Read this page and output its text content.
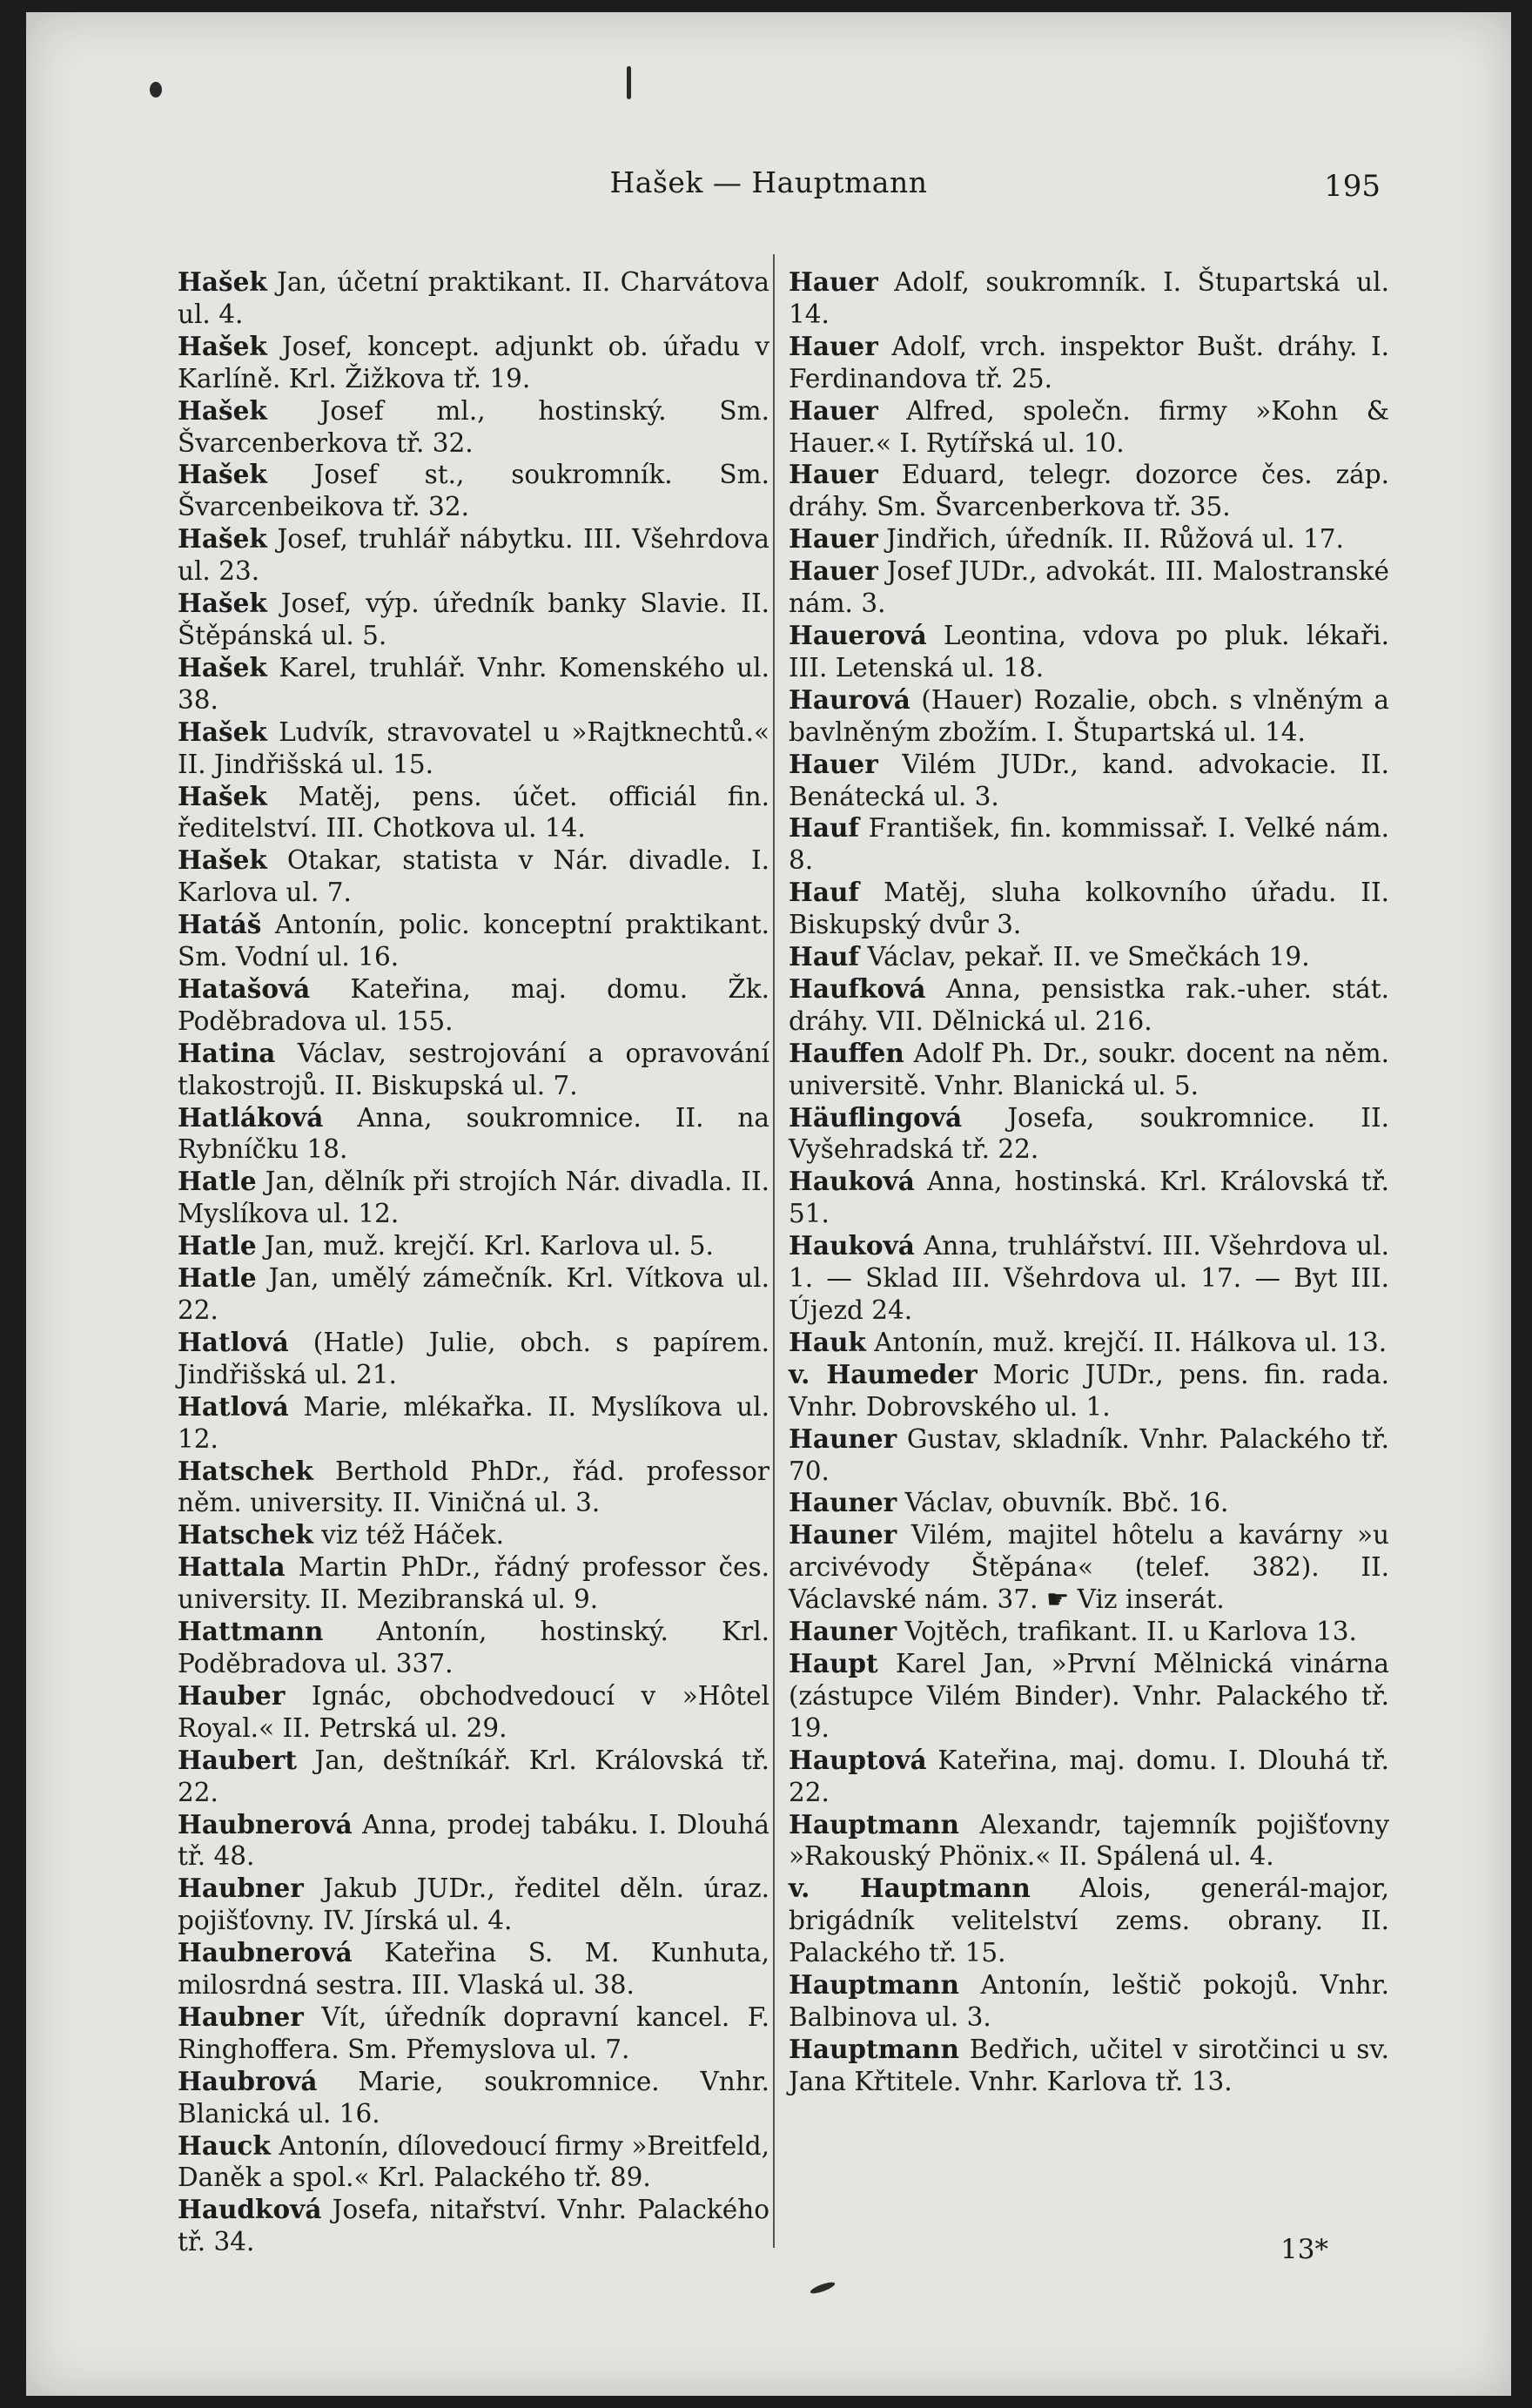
Hašek — Hauptmann	195
Hašek Jan, účetní praktikant. II. Charvátova ul. 4.
Hašek Josef, koncept. adjunkt ob. úřadu v Karlíně. Krl. Žižkova tř. 19.
Hašek Josef ml., hostinský. Sm. Švarcenberkova tř. 32.
Hašek Josef st., soukromník. Sm. Švarcenbeikova tř. 32.
Hašek Josef, truhlář nábytku. III. Všehrdova ul. 23.
Hašek Josef, výp. úředník banky Slavie. II. Štěpánská ul. 5.
Hašek Karel, truhlář. Vnhr. Komenského ul. 38.
Hašek Ludvík, stravovatel u »Rajtknechtů.« II. Jindřišská ul. 15.
Hašek Matěj, pens. účet. officiál fin. ředitelství. III. Chotkova ul. 14.
Hašek Otakar, statista v Nár. divadle. I. Karlova ul. 7.
Hatáš Antonín, polic. konceptní praktikant. Sm. Vodní ul. 16.
Hatašová Kateřina, maj. domu. Žk. Poděbradova ul. 155.
Hatina Václav, sestrojování a opravování tlakostrojů. II. Biskupská ul. 7.
Hatláková Anna, soukromnice. II. na Rybníčku 18.
Hatle Jan, dělník při strojích Nár. divadla. II. Myslíkova ul. 12.
Hatle Jan, muž. krejčí. Krl. Karlova ul. 5.
Hatle Jan, umělý zámečník. Krl. Vítkova ul. 22.
Hatlová (Hatle) Julie, obch. s papírem. Jindřišská ul. 21.
Hatlová Marie, mlékařka. II. Myslíkova ul. 12.
Hatschek Berthold PhDr., řád. professor něm. university. II. Viničná ul. 3.
Hatschek viz též Háček.
Hattala Martin PhDr., řádný professor čes. university. II. Mezibranská ul. 9.
Hattmann Antonín, hostinský. Krl. Poděbradova ul. 337.
Hauber Ignác, obchodvedoucí v »Hôtel Royal.« II. Petrská ul. 29.
Haubert Jan, deštníkář. Krl. Královská tř. 22.
Haubnerová Anna, prodej tabáku. I. Dlouhá tř. 48.
Haubner Jakub JUDr., ředitel děln. úraz. pojišťovny. IV. Jírská ul. 4.
Haubnerová Kateřina S. M. Kunhuta, milosrdná sestra. III. Vlaská ul. 38.
Haubner Vít, úředník dopravní kancel. F. Ringhoffera. Sm. Přemyslova ul. 7.
Haubrová Marie, soukromnice. Vnhr. Blanická ul. 16.
Hauck Antonín, dílovedoucí firmy »Breitfeld, Daněk a spol.« Krl. Palackého tř. 89.
Haudková Josefa, nitařství. Vnhr. Palackého tř. 34.
Hauer Adolf, soukromník. I. Štupartská ul. 14.
Hauer Adolf, vrch. inspektor Bušt. dráhy. I. Ferdinandova tř. 25.
Hauer Alfred, společn. firmy »Kohn & Hauer.« I. Rytířská ul. 10.
Hauer Eduard, telegr. dozorce čes. záp. dráhy. Sm. Švarcenberkova tř. 35.
Hauer Jindřich, úředník. II. Růžová ul. 17.
Hauer Josef JUDr., advokát. III. Malostranské nám. 3.
Hauerová Leontina, vdova po pluk. lékaři. III. Letenská ul. 18.
Haurová (Hauer) Rozalie, obch. s vlněným a bavlněným zbožím. I. Štupartská ul. 14.
Hauer Vilém JUDr., kand. advokacie. II. Benátecká ul. 3.
Hauf František, fin. kommissař. I. Velké nám. 8.
Hauf Matěj, sluha kolkovního úřadu. II. Biskupský dvůr 3.
Hauf Václav, pekař. II. ve Smečkách 19.
Haufková Anna, pensistka rak.-uher. stát. dráhy. VII. Dělnická ul. 216.
Hauffen Adolf Ph. Dr., soukr. docent na něm. universitě. Vnhr. Blanická ul. 5.
Häuflingová Josefa, soukromnice. II. Vyšehradská tř. 22.
Hauková Anna, hostinská. Krl. Královská tř. 51.
Hauková Anna, truhlářství. III. Všehrdova ul. 1. — Sklad III. Všehrdova ul. 17. — Byt III. Újezd 24.
Hauk Antonín, muž. krejčí. II. Hálkova ul. 13.
v. Haumeder Moric JUDr., pens. fin. rada. Vnhr. Dobrovského ul. 1.
Hauner Gustav, skladník. Vnhr. Palackého tř. 70.
Hauner Václav, obuvník. Bbč. 16.
Hauner Vilém, majitel hôtelu a kavárny »u arcivévody Štěpána« (telef. 382). II. Václavské nám. 37. ☛ Viz inserát.
Hauner Vojtěch, trafikant. II. u Karlova 13.
Haupt Karel Jan, »První Mělnická vinárna (zástupce Vilém Binder). Vnhr. Palackého tř. 19.
Hauptová Kateřina, maj. domu. I. Dlouhá tř. 22.
Hauptmann Alexandr, tajemník pojišťovny »Rakouský Phönix.« II. Spálená ul. 4.
v. Hauptmann Alois, generál-major, brigádník velitelství zems. obrany. II. Palackého tř. 15.
Hauptmann Antonín, leštič pokojů. Vnhr. Balbinova ul. 3.
Hauptmann Bedřich, učitel v sirotčinci u sv. Jana Křtitele. Vnhr. Karlova tř. 13.
13*
